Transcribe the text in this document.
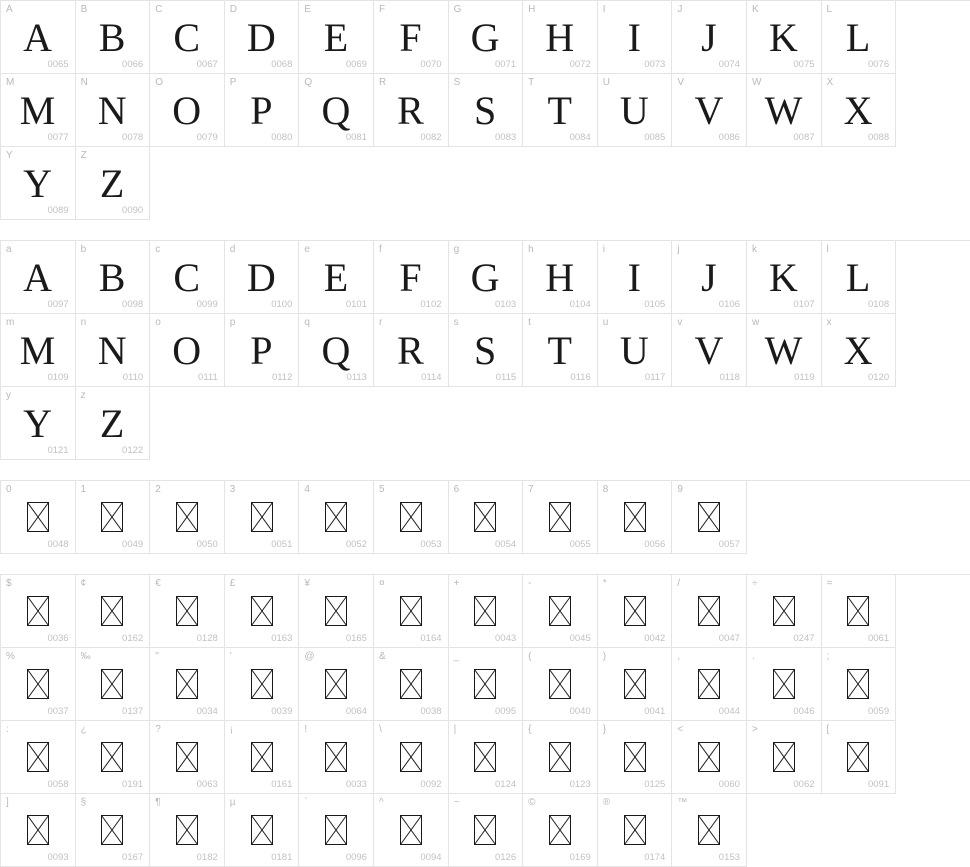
A
A
0065
B
B
0066
C
C
0067
D
D
0068
E
E
0069
F
F
0070
G
G
0071
H
H
0072
I
I
0073
J
J
0074
K
K
0075
L
L
0076
M
M
0077
N
N
0078
O
O
0079
P
P
0080
Q
Q
0081
R
R
0082
S
S
0083
T
T
0084
U
U
0085
V
V
0086
W
W
0087
X
X
0088
Y
Y
0089
Z
Z
0090
a
A
0097
b
B
0098
c
C
0099
d
D
0100
e
E
0101
f
F
0102
g
G
0103
h
H
0104
i
I
0105
j
J
0106
k
K
0107
l
L
0108
m
M
0109
n
N
0110
o
O
0111
p
P
0112
q
Q
0113
r
R
0114
s
S
0115
t
T
0116
u
U
0117
v
V
0118
w
W
0119
x
X
0120
y
Y
0121
z
Z
0122
0
0048
1
0049
2
0050
3
0051
4
0052
5
0053
6
0054
7
0055
8
0056
9
0057
$
0036
¢
0162
€
0128
£
0163
¥
0165
¤
0164
+
0043
-
0045
*
0042
/
0047
÷
0247
=
0061
%
0037
‰
0137
"
0034
'
0039
@
0064
&
0038
_
0095
(
0040
)
0041
,
0044
.
0046
;
0059
:
0058
¿
0191
?
0063
¡
0161
!
0033
\
0092
|
0124
{
0123
}
0125
<
0060
>
0062
[
0091
]
0093
§
0167
¶
0182
µ
0181
`
0096
^
0094
~
0126
©
0169
®
0174
™
0153
